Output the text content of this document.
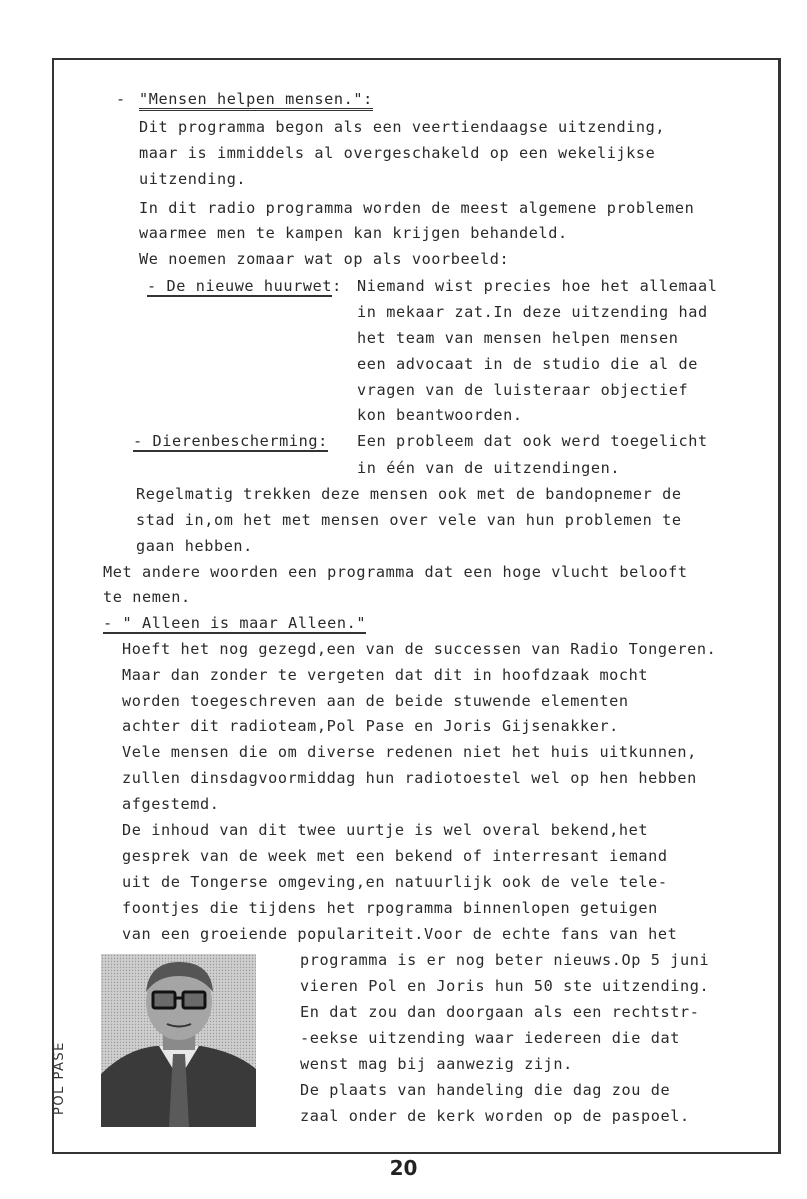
- "Mensen helpen mensen.":
Dit programma begon als een veertiendaagse uitzending,
maar is immiddels al overgeschakeld op een wekelijkse
uitzending.
In dit radio programma worden de meest algemene problemen
waarmee men te kampen kan krijgen behandeld.
We noemen zomaar wat op als voorbeeld:
- De nieuwe huurwet: Niemand wist precies hoe het allemaal
in mekaar zat.In deze uitzending had
het team van mensen helpen mensen
een advocaat in de studio die al de
vragen van de luisteraar objectief
kon beantwoorden.
- Dierenbescherming: Een probleem dat ook werd toegelicht
in één van de uitzendingen.
Regelmatig trekken deze mensen ook met de bandopnemer de
stad in,om het met mensen over vele van hun problemen te
gaan hebben.
Met andere woorden een programma dat een hoge vlucht belooft
te nemen.
- " Alleen is maar Alleen."
Hoeft het nog gezegd,een van de successen van Radio Tongeren.
Maar dan zonder te vergeten dat dit in hoofdzaak mocht
worden toegeschreven aan de beide stuwende elementen
achter dit radioteam,Pol Pase en Joris Gijsenakker.
Vele mensen die om diverse redenen niet het huis uitkunnen,
zullen dinsdagvoormiddag hun radiotoestel wel op hen hebben
afgestemd.
De inhoud van dit twee uurtje is wel overal bekend,het
gesprek van de week met een bekend of interresant iemand
uit de Tongerse omgeving,en natuurlijk ook de vele tele-
foontjes die tijdens het rpogramma binnenlopen getuigen
van een groeiende populariteit.Voor de echte fans van het
programma is er nog beter nieuws.Op 5 juni
vieren Pol en Joris hun 50 ste uitzending.
En dat zou dan doorgaan als een rechtstr-
-eekse uitzending waar iedereen die dat
wenst mag bij aanwezig zijn.
De plaats van handeling die dag zou de
zaal onder de kerk worden op de paspoel.
POL PASE
20
